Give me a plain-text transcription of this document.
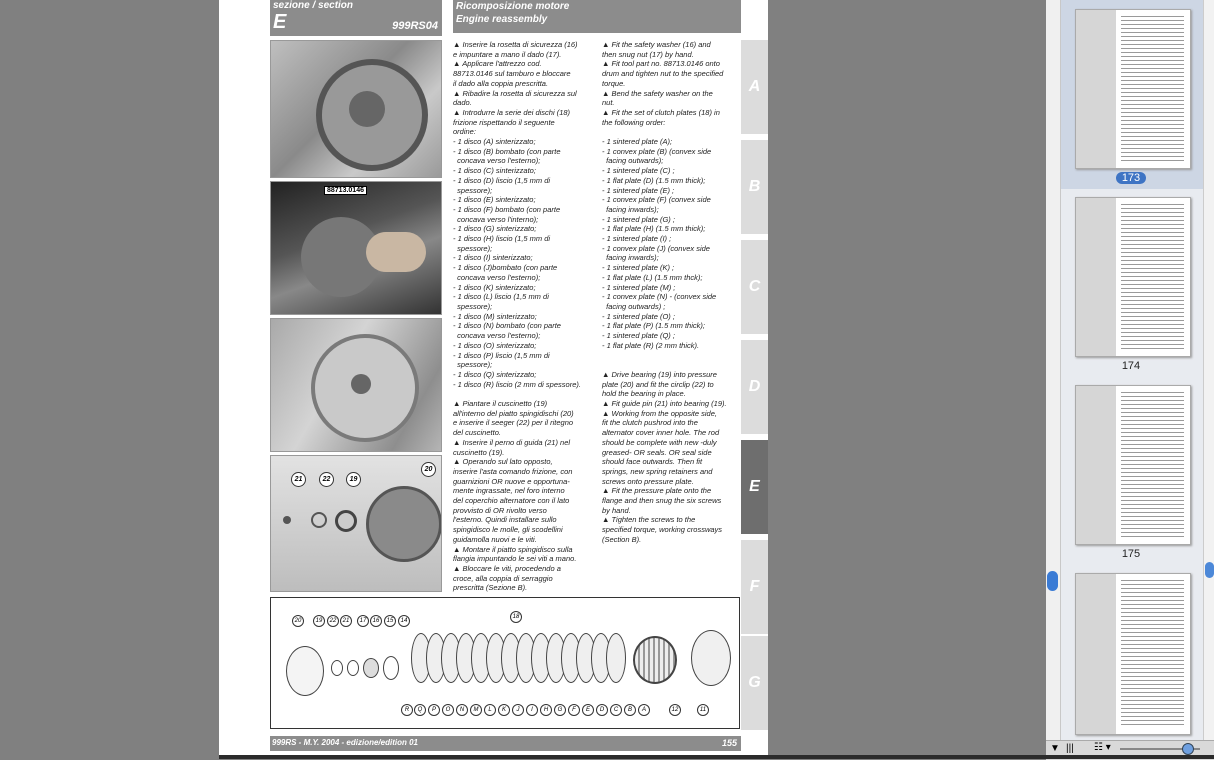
sezione / section
E	999RS04
Ricomposizione motore
Engine reassembly
88713.0146
21	22	19
20
▲ Inserire la rosetta di sicurezza (16)
e impuntare a mano il dado (17).
▲ Applicare l'attrezzo cod.
88713.0146 sul tamburo e bloccare
il dado alla coppia prescritta.
▲ Ribadire la rosetta di sicurezza sul
dado.
▲ Introdurre la serie dei dischi (18)
frizione rispettando il seguente
ordine:
- 1 disco (A) sinterizzato;
- 1 disco (B) bombato (con parte
concava verso l'esterno);
- 1 disco (C) sinterizzato;
- 1 disco (D) liscio (1,5 mm di
spessore);
- 1 disco (E) sinterizzato;
- 1 disco (F) bombato (con parte
concava verso l'interno);
- 1 disco (G) sinterizzato;
- 1 disco (H) liscio (1,5 mm di
spessore);
- 1 disco (I) sinterizzato;
- 1 disco (J)bombato (con parte
concava verso l'esterno);
- 1 disco (K) sinterizzato;
- 1 disco (L) liscio (1,5 mm di
spessore);
- 1 disco (M) sinterizzato;
- 1 disco (N) bombato (con parte
concava verso l'esterno);
- 1 disco (O) sinterizzato;
- 1 disco (P) liscio (1,5 mm di
spessore);
- 1 disco (Q) sinterizzato;
- 1 disco (R) liscio (2 mm di spessore).

▲ Piantare il cuscinetto (19)
all'interno del piatto spingidischi (20)
e inserire il seeger (22) per il ritegno
del cuscinetto.
▲ Inserire il perno di guida (21) nel
cuscinetto (19).
▲ Operando sul lato opposto,
inserire l'asta comando frizione, con
guarnizioni OR nuove e opportuna-
mente ingrassate, nel foro interno
del coperchio alternatore con il lato
provvisto di OR rivolto verso
l'esterno. Quindi installare sullo
spingidisco le molle, gli scodellini
guidamolla nuovi e le viti.
▲ Montare il piatto spingidisco sulla
flangia impuntando le sei viti a mano.
▲ Bloccare le viti, procedendo a
croce, alla coppia di serraggio
prescritta (Sezione B).
▲ Fit the safety washer (16) and
then snug nut (17) by hand.
▲ Fit tool part no. 88713.0146 onto
drum and tighten nut to the specified
torque.
▲ Bend the safety washer on the
nut.
▲ Fit the set of clutch plates (18) in
the following order:

- 1 sintered plate (A);
- 1 convex plate (B) (convex side
facing outwards);
- 1 sintered plate (C) ;
- 1 flat plate (D) (1.5 mm thick);
- 1 sintered plate (E) ;
- 1 convex plate (F) (convex side
facing inwards);
- 1 sintered plate (G) ;
- 1 flat plate (H) (1.5 mm thick);
- 1 sintered plate (I) ;
- 1 convex plate (J) (convex side
facing inwards);
- 1 sintered plate (K) ;
- 1 flat plate (L) (1.5 mm thck);
- 1 sintered plate (M) ;
- 1 convex plate (N) - (convex side
facing outwards) ;
- 1 sintered plate (O) ;
- 1 flat plate (P) (1.5 mm thick);
- 1 sintered plate (Q) ;
- 1 flat plate (R) (2 mm thick).

▲ Drive bearing (19) into pressure
plate (20) and fit the circlip (22) to
hold the bearing in place.
▲ Fit guide pin (21) into bearing (19).
▲ Working from the opposite side,
fit the clutch pushrod into the
alternator cover inner hole. The rod
should be complete with new -duly
greased- OR seals. OR seal side
should face outwards. Then fit
springs, new spring retainers and
screws onto pressure plate.
▲ Fit the pressure plate onto the
flange and then snug the six screws
by hand.
▲ Tighten the screws to the
specified torque, working crossways
(Section B).
A
B
C
D
E
F
G
20	19	22	21	17	16	15	14
18
R	Q	P	O	N	M	L	K	J	I	H	G	F	E	D	C	B	A	12	11
999RS - M.Y. 2004 - edizione/edition 01	155
173
174
175
▼ ||| ☷ ▾
